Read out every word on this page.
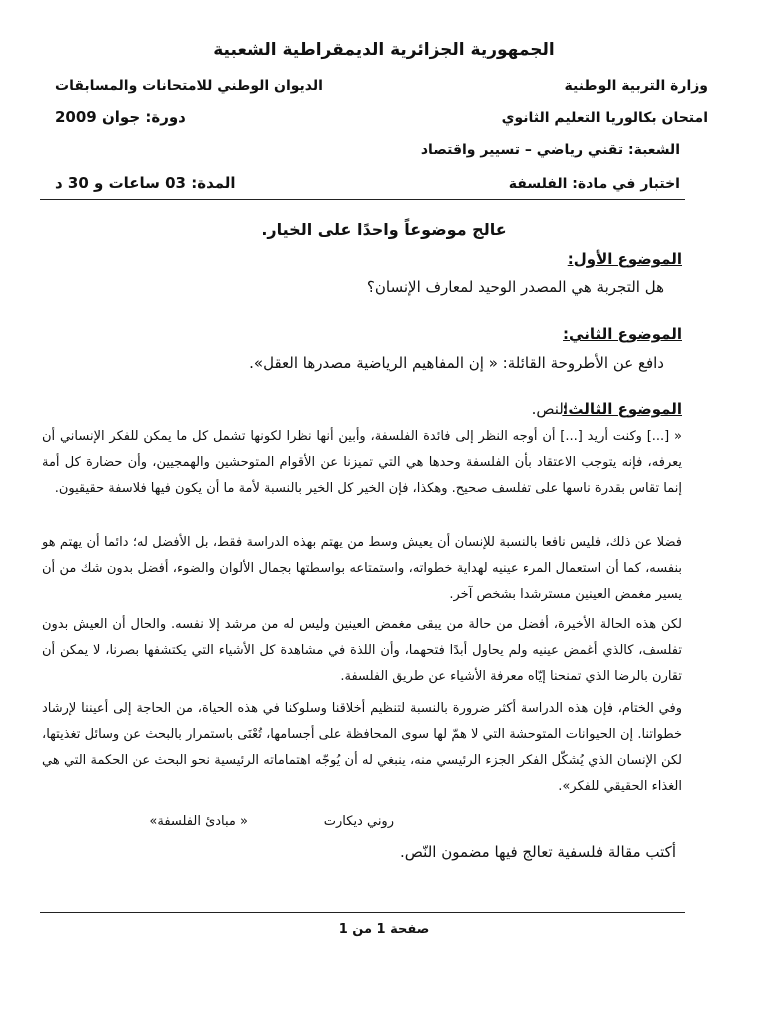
الجمهورية الجزائرية الديمقراطية الشعبية
وزارة التربية الوطنية
الديوان الوطني للامتحانات والمسابقات
امتحان بكالوريا التعليم الثانوي
دورة: جوان 2009
الشعبة: تقني رياضي – تسيير واقتصاد
اختبار في مادة: الفلسفة
المدة: 03 ساعات و 30 د
عالج موضوعاً واحدًا على الخيار.
الموضوع الأول:
هل التجربة هي المصدر الوحيد لمعارف الإنسان؟
الموضوع الثاني:
دافع عن الأطروحة القائلة: « إن المفاهيم الرياضية مصدرها العقل».
الموضوع الثالث:
النص.

« [...] وكنت أريد [...] أن أوجه النظر إلى فائدة الفلسفة، وأبين أنها نظرا لكونها تشمل كل ما يمكن للفكر الإنساني أن يعرفه، فإنه يتوجب الاعتقاد بأن الفلسفة وحدها هي التي تميزنا عن الأقوام المتوحشين والهمجيين، وأن حضارة كل أمة إنما تقاس بقدرة ناسها على تفلسف صحيح. وهكذا، فإن الخير كل الخير بالنسبة لأمة ما أن يكون فيها فلاسفة حقيقيون.

فضلا عن ذلك، فليس نافعا بالنسبة للإنسان أن يعيش وسط من يهتم بهذه الدراسة فقط، بل الأفضل له؛ دائما أن يهتم هو بنفسه، كما أن استعمال المرء عينيه لهداية خطواته، واستمتاعه بواسطتها بجمال الألوان والضوء، أفضل بدون شك من أن يسير مغمض العينين مسترشدا بشخص آخر.

لكن هذه الحالة الأخيرة، أفضل من حالة من يبقى مغمض العينين وليس له من مرشد إلا نفسه. والحال أن العيش بدون تفلسف، كالذي أغمض عينيه ولم يحاول أبدًا فتحهما، وأن اللذة في مشاهدة كل الأشياء التي يكتشفها بصرنا، لا يمكن أن تقارن بالرضا الذي تمنحنا إيّاه معرفة الأشياء عن طريق الفلسفة.

وفي الختام، فإن هذه الدراسة أكثر ضرورة بالنسبة لتنظيم أخلاقنا وسلوكنا في هذه الحياة، من الحاجة إلى أعيننا لإرشاد خطواتنا. إن الحيوانات المتوحشة التي لا همّ لها سوى المحافظة على أجسامها، تُعْنَى باستمرار بالبحث عن وسائل تغذيتها، لكن الإنسان الذي يُشكّل الفكر الجزء الرئيسي منه، ينبغي له أن يُوجّه اهتماماته الرئيسية نحو البحث عن الحكمة التي هي الغذاء الحقيقي للفكر».

روني ديكارت
« مبادئ الفلسفة»
أكتب مقالة فلسفية تعالج فيها مضمون النّص.
صفحة 1 من 1
